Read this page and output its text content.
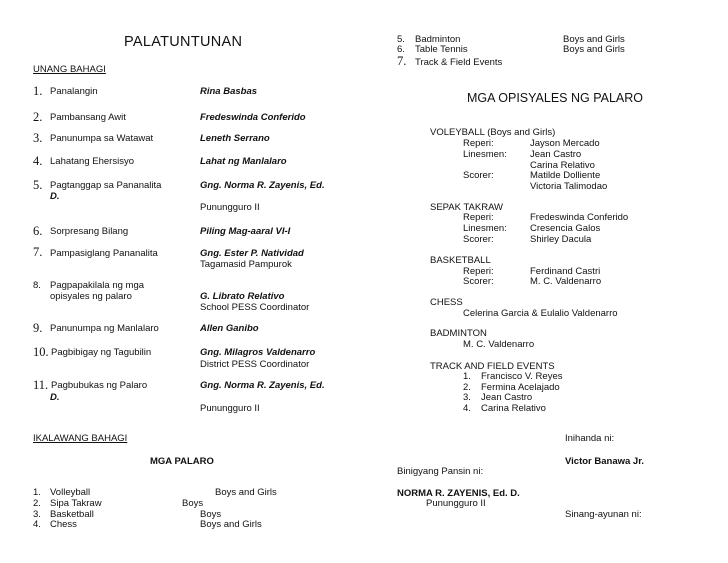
PALATUNTUNAN
UNANG BAHAGI
1. Panalangin	Rina Basbas
2. Pambansang Awit	Fredeswinda Conferido
3. Panunumpa sa Watawat	Leneth Serrano
4. Lahatang Ehersisyo	Lahat ng Manlalaro
5. Pagtanggap sa Pananalita	Gng. Norma R. Zayenis, Ed.
D.
Punungguro II
6. Sorpresang Bilang	Piling Mag-aaral VI-I
7. Pampasiglang Pananalita	Gng. Ester P. Natividad
Tagamasid Pampurok
8. Pagpapakilala ng mga
opisyales ng palaro	G. Librato Relativo
School PESS Coordinator
9. Panunumpa ng Manlalaro	Allen Ganibo
10. Pagbibigay ng Tagubilin	Gng. Milagros Valdenarro
District PESS Coordinator
11. Pagbubukas ng Palaro	Gng. Norma R. Zayenis, Ed.
D.
Punungguro II
IKALAWANG BAHAGI
MGA PALARO
1. Volleyball	Boys and Girls
2. Sipa Takraw	Boys
3. Basketball	Boys
4. Chess	Boys and Girls
5. Badminton	Boys and Girls
6. Table Tennis	Boys and Girls
7. Track & Field Events
MGA OPISYALES NG PALARO
VOLEYBALL (Boys and Girls)
Reperi:	Jayson Mercado
Linesmen: Jean Castro
Carina Relativo
Scorer:	Matilde Dolliente
Victoria Talimodao
SEPAK TAKRAW
Reperi:	Fredeswinda Conferido
Linesmen: Cresencia Galos
Scorer:	Shirley Dacula
BASKETBALL
Reperi:	Ferdinand Castri
Scorer:	M. C. Valdenarro
CHESS
Celerina Garcia & Eulalio Valdenarro
BADMINTON
M. C. Valdenarro
TRACK AND FIELD EVENTS
1. Francisco V. Reyes
2. Fermina Acelajado
3. Jean Castro
4. Carina Relativo
Inihanda ni:
Victor Banawa Jr.
Binigyang Pansin ni:
NORMA R. ZAYENIS, Ed. D.
Punungguro II
Sinang-ayunan ni:
